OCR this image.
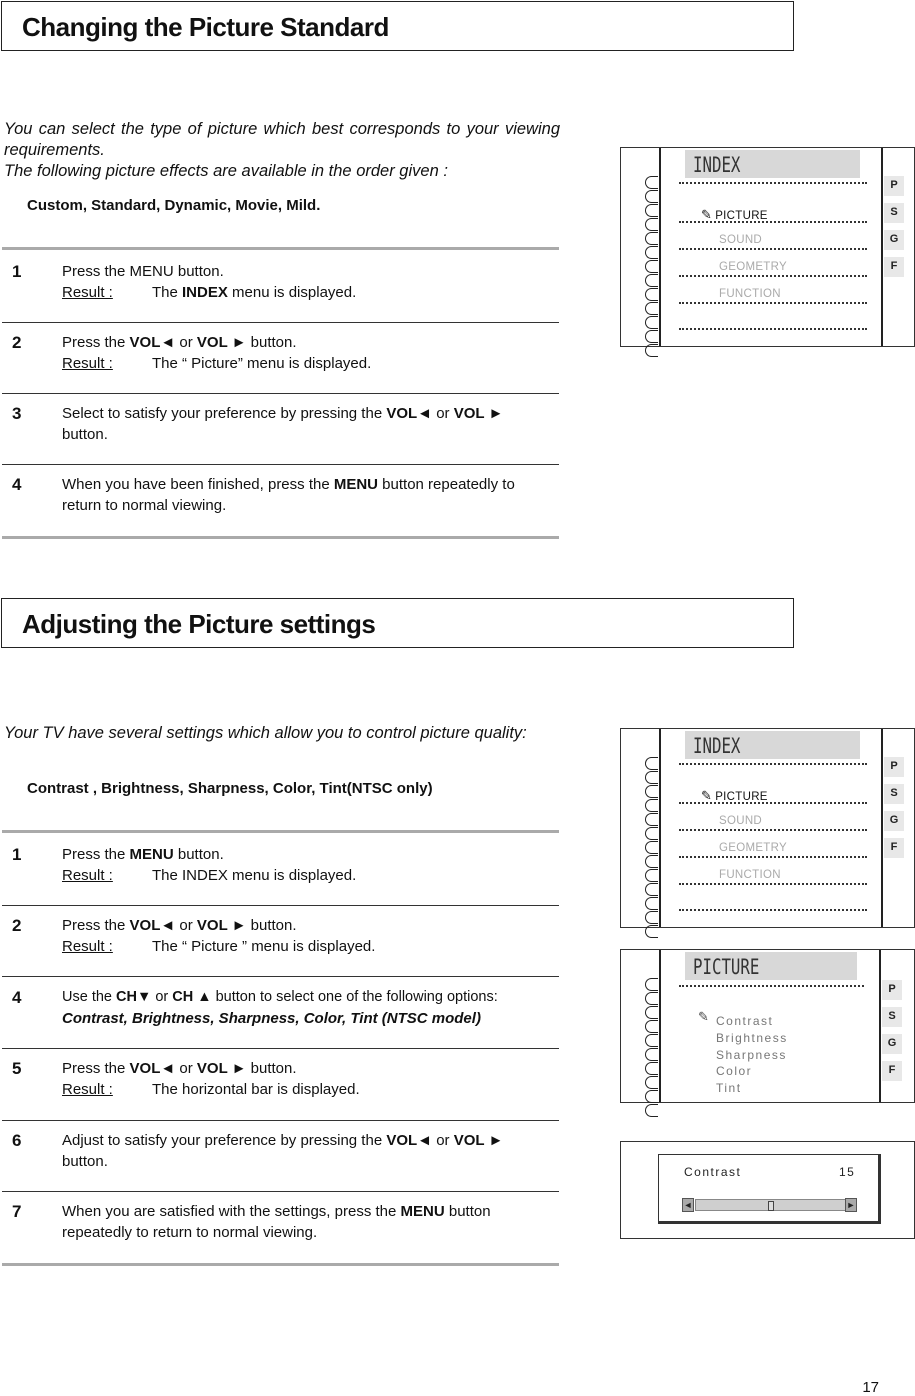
Changing the Picture Standard

You can select the type of picture which best corresponds to your viewing requirements.

The following picture effects are available in the order given :

Custom, Standard, Dynamic, Movie, Mild.
1	Press the MENU button.
Result :	The INDEX menu is displayed.
2	Press the VOL◄ or VOL ► button.
Result :	The “ Picture” menu is displayed.
3	Select to satisfy your preference by pressing the VOL◄ or VOL ► button.
4	When you have been finished, press the MENU button repeatedly to return to normal viewing.
INDEX
✎ PICTURE
SOUND
GEOMETRY
FUNCTION
P
S
G
F
Adjusting the Picture settings

Your TV have several settings which allow you to control picture quality:

Contrast , Brightness, Sharpness, Color, Tint(NTSC only)
1	Press the MENU button.
Result :	The INDEX menu is displayed.
2	Press the VOL◄ or VOL ► button.
Result :	The “ Picture ” menu is displayed.
4	Use the CH▼ or CH ▲ button to select one of the following options:
Contrast, Brightness, Sharpness, Color, Tint (NTSC model)
5	Press the VOL◄ or VOL ► button.
Result :	The horizontal bar is displayed.
6	Adjust to satisfy your preference by pressing the VOL◄ or VOL ► button.
7	When you are satisfied with the settings, press the MENU button repeatedly to return to normal viewing.
INDEX
✎ PICTURE
SOUND
GEOMETRY
FUNCTION
P
S
G
F
PICTURE
✎ Contrast
Brightness
Sharpness
Color
Tint
P
S
G
F
Contrast	15
◄	►
17
